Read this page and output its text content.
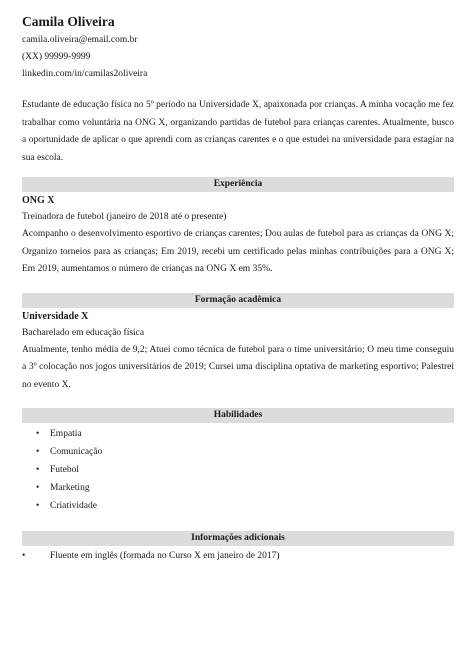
Camila Oliveira

camila.oliveira@email.com.br

(XX) 99999-9999

linkedin.com/in/camilas2oliveira

Estudante de educação física no 5º período na Universidade X, apaixonada por crianças. A minha vocação me fez trabalhar como voluntária na ONG X, organizando partidas de futebol para crianças carentes. Atualmente, busco a oportunidade de aplicar o que aprendi com as crianças carentes e o que estudei na universidade para estagiar na sua escola.
Experiência

ONG X

Treinadora de futebol (janeiro de 2018 até o presente)

Acompanho o desenvolvimento esportivo de crianças carentes; Dou aulas de futebol para as crianças da ONG X; Organizo torneios para as crianças; Em 2019, recebi um certificado pelas minhas contribuições para a ONG X; Em 2019, aumentamos o número de crianças na ONG X em 35%.

Formação acadêmica

Universidade X

Bacharelado em educação física

Atualmente, tenho média de 9,2; Atuei como técnica de futebol para o time universitário; O meu time conseguiu a 3º colocação nos jogos universitários de 2019; Cursei uma disciplina optativa de marketing esportivo; Palestrei no evento X.

Habilidades
• Empatia
• Comunicação
• Futebol
• Marketing
• Criatividade
Informações adicionais
•	Fluente em inglês (formada no Curso X em janeiro de 2017)
